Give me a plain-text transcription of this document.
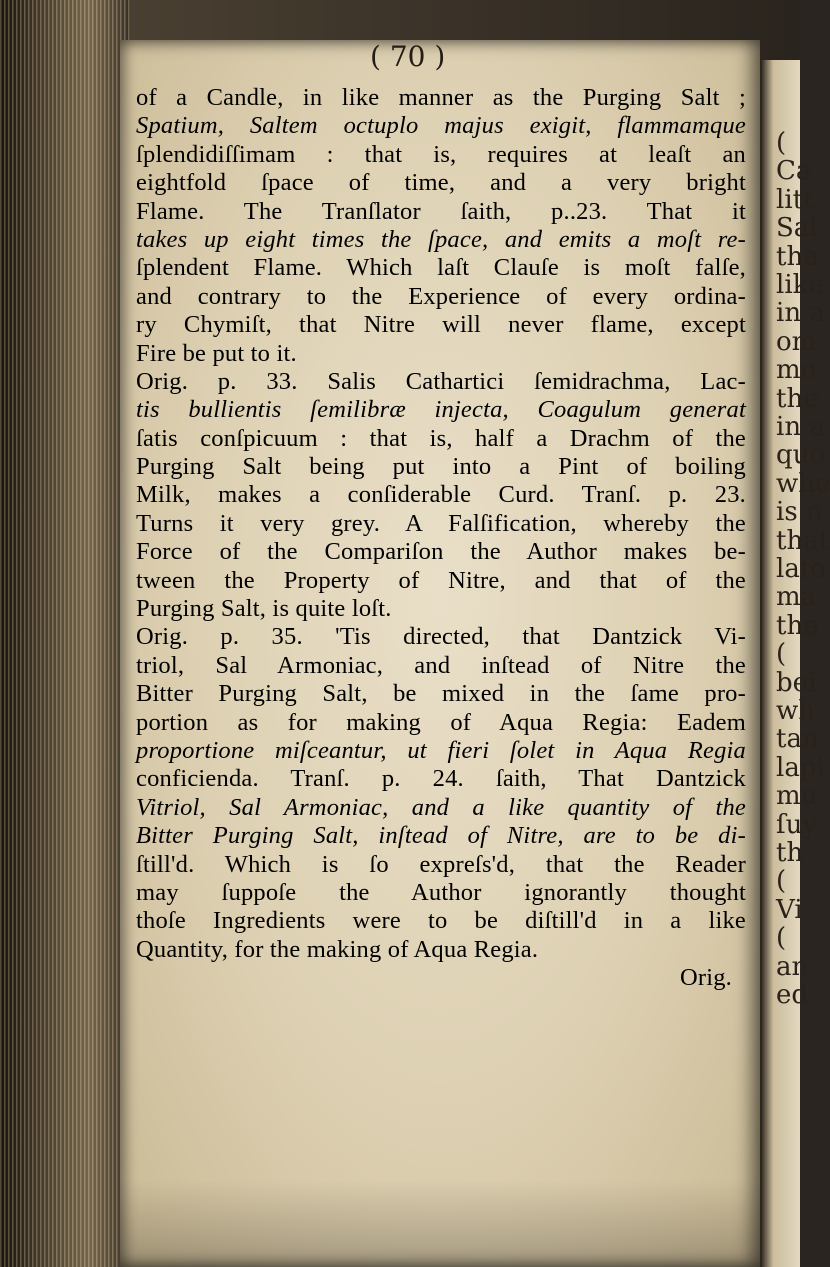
( 70 )
of a Candle, in like manner as the Purging Salt ;
Spatium, Saltem octuplo majus exigit, flammamque
ſplendidiſſimam : that is, requires at leaſt an
eightfold ſpace of time, and a very bright
Flame. The Tranſlator ſaith, p..23. That it
takes up eight times the ſpace, and emits a moſt re-
ſplendent Flame. Which laſt Clauſe is moſt falſe,
and contrary to the Experience of every ordina-
ry Chymiſt, that Nitre will never flame, except
Fire be put to it.
Orig. p. 33. Salis Cathartici ſemidrachma, Lac-
tis bullientis ſemilibræ injecta, Coagulum generat
ſatis conſpicuum : that is, half a Drachm of the
Purging Salt being put into a Pint of boiling
Milk, makes a conſiderable Curd. Tranſ. p. 23.
Turns it very grey. A Falſification, whereby the
Force of the Compariſon the Author makes be-
tween the Property of Nitre, and that of the
Purging Salt, is quite loſt.
Orig. p. 35. 'Tis directed, that Dantzick Vi-
triol, Sal Armoniac, and inſtead of Nitre the
Bitter Purging Salt, be mixed in the ſame pro-
portion as for making of Aqua Regia: Eadem
proportione miſceantur, ut fieri ſolet in Aqua Regia
conficienda. Tranſ. p. 24. ſaith, That Dantzick
Vitriol, Sal Armoniac, and a like quantity of the
Bitter Purging Salt, inſtead of Nitre, are to be di-
ſtill'd. Which is ſo expreſs'd, that the Reader
may ſuppoſe the Author ignorantly thought
thoſe Ingredients were to be diſtill'd in a like
Quantity, for the making of Aqua Regia.
Orig.
(
Ca
litt
Sal
tha
like
in a
om
mo
the
in a
quo
whe
is n
that
lato
ma
the
(
bei
wh
tan
lapi
mu
ſuy
th
(
Vi
(
an
ed
